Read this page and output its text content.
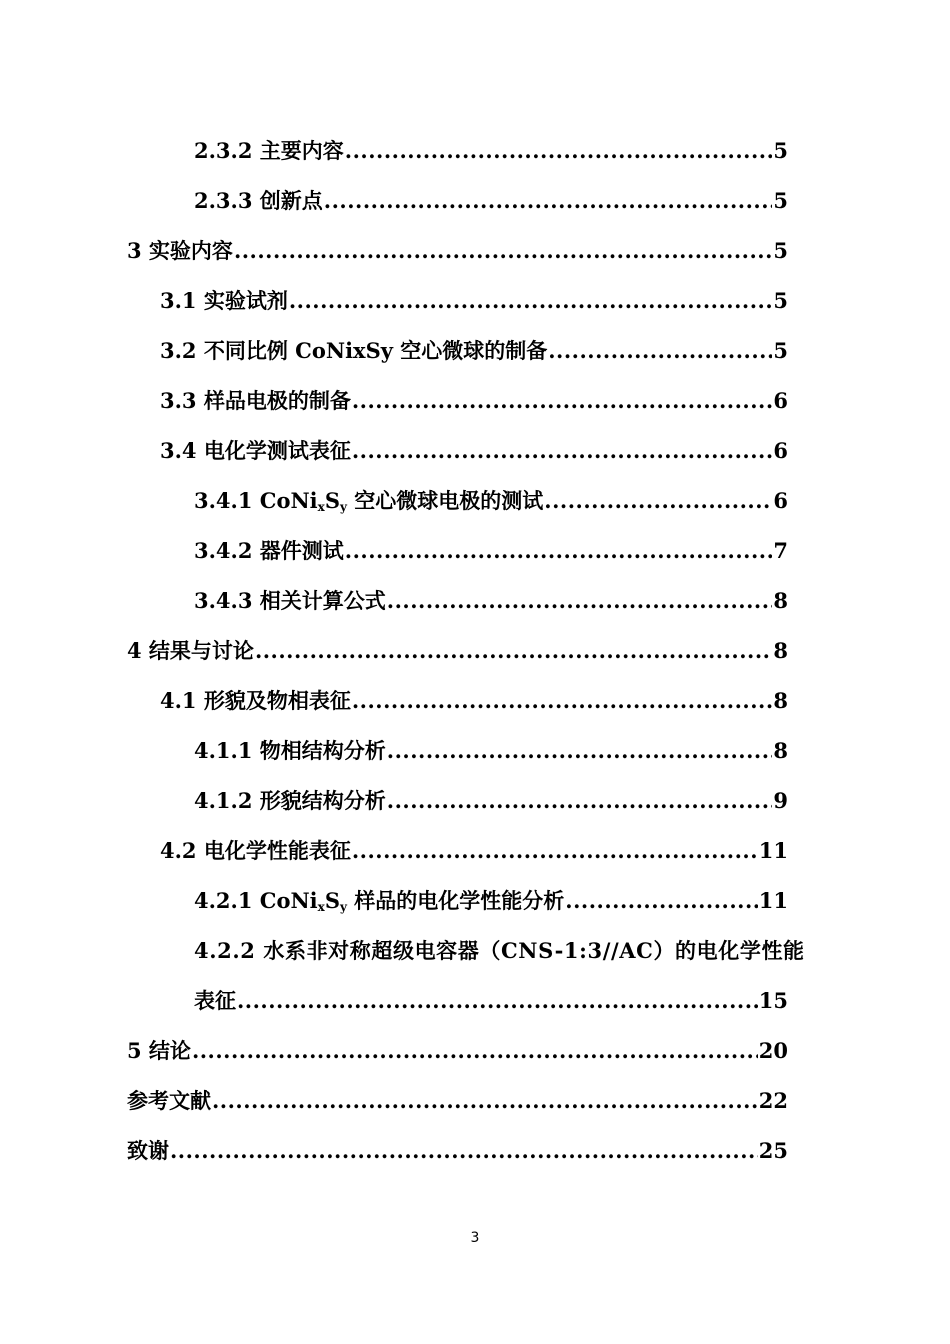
2.3.2 主要内容 .....	5
2.3.3 创新点 .....	5
3 实验内容 .....	5
3.1 实验试剂 .....	5
3.2 不同比例 CoNixSy 空心微球的制备 .....	5
3.3 样品电极的制备 .....	6
3.4 电化学测试表征 .....	6
3.4.1 $CoNi_xS_y$ 空心微球电极的测试 .....	6
3.4.2 器件测试 .....	7
3.4.3 相关计算公式 .....	8
4 结果与讨论 .....	8
4.1 形貌及物相表征 .....	8
4.1.1 物相结构分析 .....	8
4.1.2 形貌结构分析 .....	9
4.2 电化学性能表征 .....	11
4.2.1 $CoNi_xS_y$ 样品的电化学性能分析 .....	11
4.2.2 水系非对称超级电容器（CNS-1:3//AC）的电化学性能
表征 .....	15
5 结论 .....	20
参考文献 .....	22
致谢 .....	25
3
